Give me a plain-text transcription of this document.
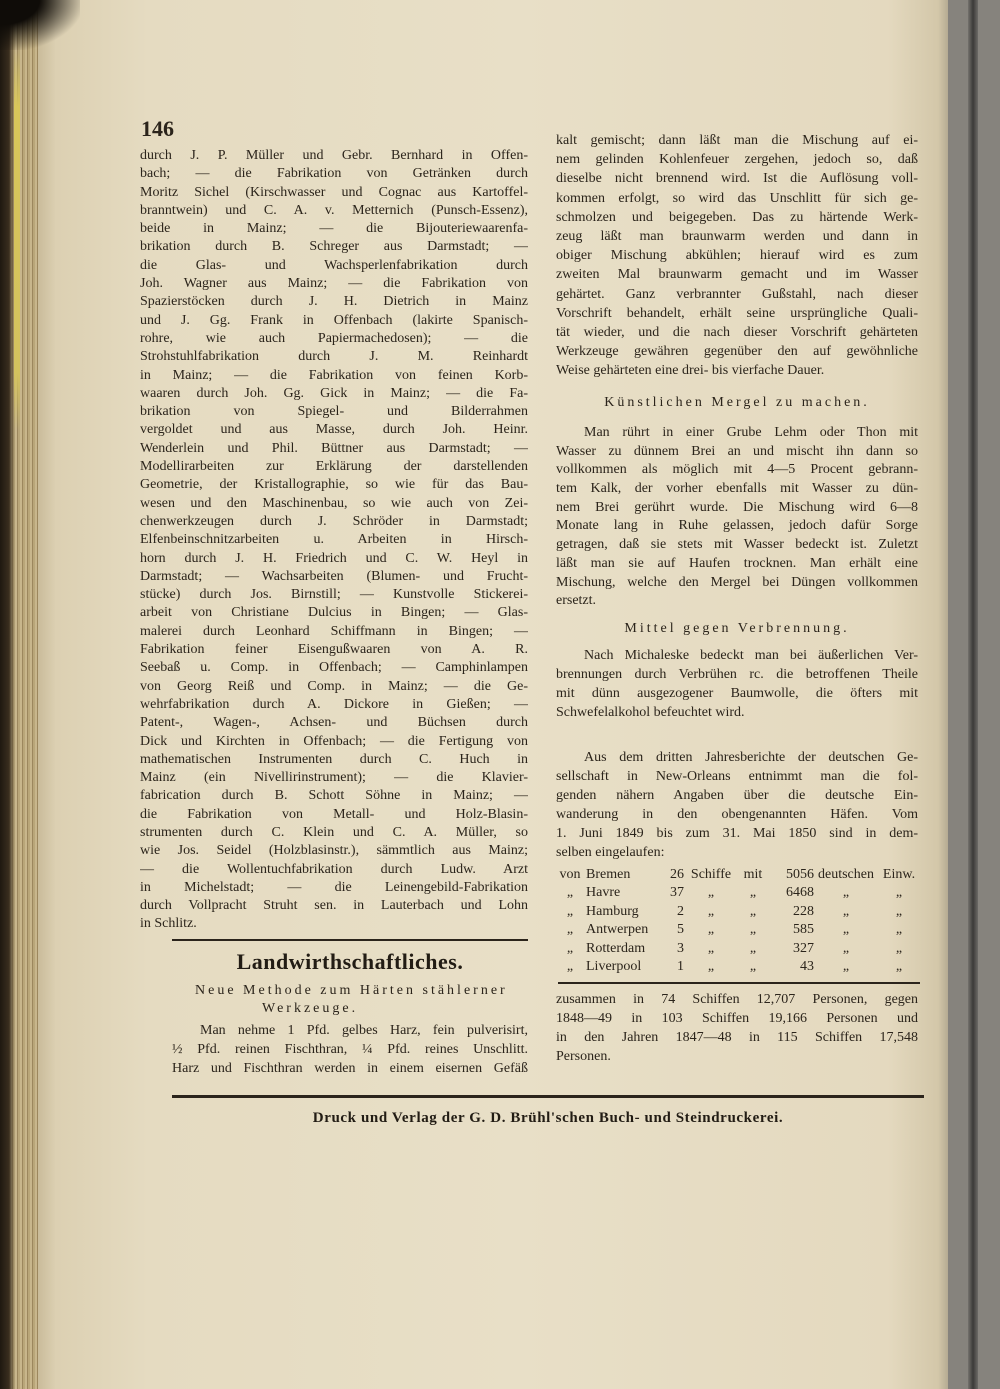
146
durch J. P. Müller und Gebr. Bernhard in Offen-
bach; — die Fabrikation von Getränken durch
Moritz Sichel (Kirschwasser und Cognac aus Kartoffel-
branntwein) und C. A. v. Metternich (Punsch-Essenz),
beide in Mainz; — die Bijouteriewaarenfa-
brikation durch B. Schreger aus Darmstadt; —
die Glas- und Wachsperlenfabrikation durch
Joh. Wagner aus Mainz; — die Fabrikation von
Spazierstöcken durch J. H. Dietrich in Mainz
und J. Gg. Frank in Offenbach (lakirte Spanisch-
rohre, wie auch Papiermachedosen); — die
Strohstuhlfabrikation durch J. M. Reinhardt
in Mainz; — die Fabrikation von feinen Korb-
waaren durch Joh. Gg. Gick in Mainz; — die Fa-
brikation von Spiegel- und Bilderrahmen
vergoldet und aus Masse, durch Joh. Heinr.
Wenderlein und Phil. Büttner aus Darmstadt; —
Modellirarbeiten zur Erklärung der darstellenden
Geometrie, der Kristallographie, so wie für das Bau-
wesen und den Maschinenbau, so wie auch von Zei-
chenwerkzeugen durch J. Schröder in Darmstadt;
Elfenbeinschnitzarbeiten u. Arbeiten in Hirsch-
horn durch J. H. Friedrich und C. W. Heyl in
Darmstadt; — Wachsarbeiten (Blumen- und Frucht-
stücke) durch Jos. Birnstill; — Kunstvolle Stickerei-
arbeit von Christiane Dulcius in Bingen; — Glas-
malerei durch Leonhard Schiffmann in Bingen; —
Fabrikation feiner Eisengußwaaren von A. R.
Seebaß u. Comp. in Offenbach; — Camphinlampen
von Georg Reiß und Comp. in Mainz; — die Ge-
wehrfabrikation durch A. Dickore in Gießen; —
Patent-, Wagen-, Achsen- und Büchsen durch
Dick und Kirchten in Offenbach; — die Fertigung von
mathematischen Instrumenten durch C. Huch in
Mainz (ein Nivellirinstrument); — die Klavier-
fabrication durch B. Schott Söhne in Mainz; —
die Fabrikation von Metall- und Holz-Blasin-
strumenten durch C. Klein und C. A. Müller, so
wie Jos. Seidel (Holzblasinstr.), sämmtlich aus Mainz;
— die Wollentuchfabrikation durch Ludw. Arzt
in Michelstadt; — die Leinengebild-Fabrikation
durch Vollpracht Struht sen. in Lauterbach und Lohn
in Schlitz.
Landwirthschaftliches.
Neue Methode zum Härten stählerner
Werkzeuge.
Man nehme 1 Pfd. gelbes Harz, fein pulverisirt,
½ Pfd. reinen Fischthran, ¼ Pfd. reines Unschlitt.
Harz und Fischthran werden in einem eisernen Gefäß
kalt gemischt; dann läßt man die Mischung auf ei-
nem gelinden Kohlenfeuer zergehen, jedoch so, daß
dieselbe nicht brennend wird. Ist die Auflösung voll-
kommen erfolgt, so wird das Unschlitt für sich ge-
schmolzen und beigegeben. Das zu härtende Werk-
zeug läßt man braunwarm werden und dann in
obiger Mischung abkühlen; hierauf wird es zum
zweiten Mal braunwarm gemacht und im Wasser
gehärtet. Ganz verbrannter Gußstahl, nach dieser
Vorschrift behandelt, erhält seine ursprüngliche Quali-
tät wieder, und die nach dieser Vorschrift gehärteten
Werkzeuge gewähren gegenüber den auf gewöhnliche
Weise gehärteten eine drei- bis vierfache Dauer.
Künstlichen Mergel zu machen.
Man rührt in einer Grube Lehm oder Thon mit
Wasser zu dünnem Brei an und mischt ihn dann so
vollkommen als möglich mit 4—5 Procent gebrann-
tem Kalk, der vorher ebenfalls mit Wasser zu dün-
nem Brei gerührt wurde. Die Mischung wird 6—8
Monate lang in Ruhe gelassen, jedoch dafür Sorge
getragen, daß sie stets mit Wasser bedeckt ist. Zuletzt
läßt man sie auf Haufen trocknen. Man erhält eine
Mischung, welche den Mergel bei Düngen vollkommen
ersetzt.
Mittel gegen Verbrennung.
Nach Michaleske bedeckt man bei äußerlichen Ver-
brennungen durch Verbrühen rc. die betroffenen Theile
mit dünn ausgezogener Baumwolle, die öfters mit
Schwefelalkohol befeuchtet wird.
Aus dem dritten Jahresberichte der deutschen Ge-
sellschaft in New-Orleans entnimmt man die fol-
genden nähern Angaben über die deutsche Ein-
wanderung in den obengenannten Häfen. Vom
1. Juni 1849 bis zum 31. Mai 1850 sind in dem-
selben eingelaufen:
von Bremen	26 Schiffe mit	5056 deutschen Einw.
„ Havre	37	„	„	6468	„	„
„ Hamburg	2	„	„	228	„	„
„ Antwerpen	5	„	„	585	„	„
„ Rotterdam	3	„	„	327	„	„
„ Liverpool	1	„	„	43	„	„
zusammen in 74 Schiffen 12,707 Personen, gegen
1848—49 in 103 Schiffen 19,166 Personen und
in den Jahren 1847—48 in 115 Schiffen 17,548
Personen.
Druck und Verlag der G. D. Brühl'schen Buch- und Steindruckerei.
